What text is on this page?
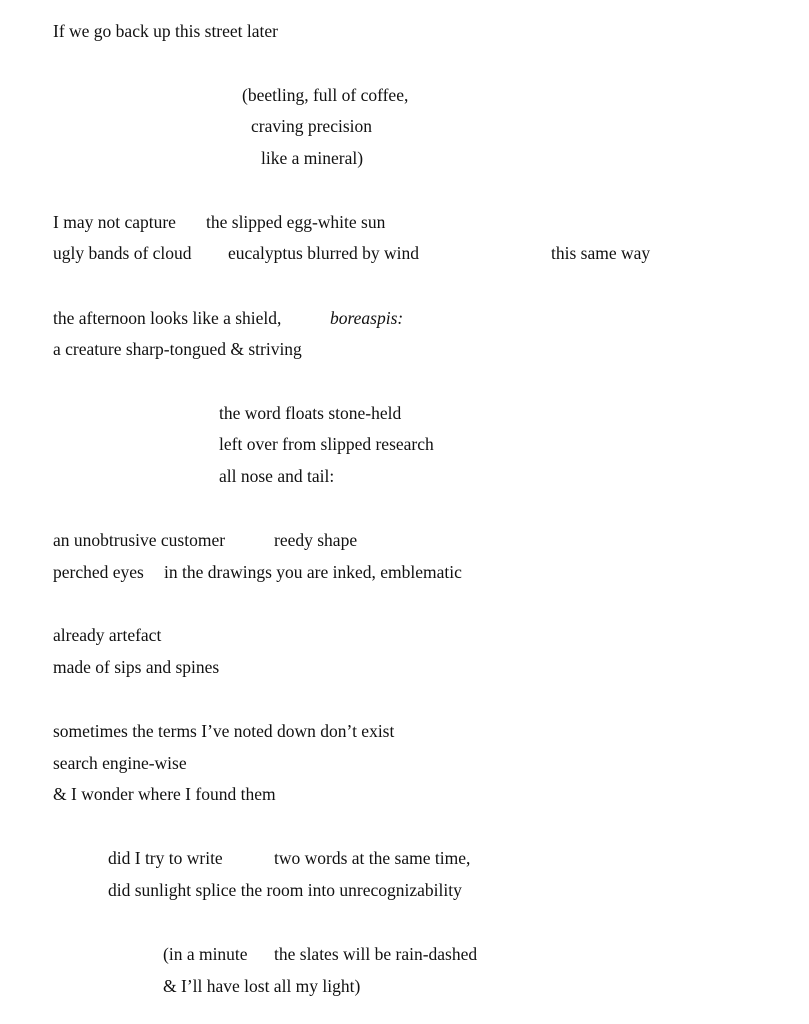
If we go back up this street later
(beetling, full of coffee,
craving precision
like a mineral)
I may not capture the slipped egg-white sun
ugly bands of cloud eucalyptus blurred by wind	this same way
the afternoon looks like a shield,	boreaspis:
a creature sharp-tongued & striving
the word floats stone-held
left over from slipped research
all nose and tail:
an unobtrusive customer	reedy shape
perched eyes in the drawings you are inked, emblematic
already artefact
made of sips and spines
sometimes the terms I’ve noted down don’t exist
search engine-wise
& I wonder where I found them
did I try to write	two words at the same time,
did sunlight splice the room into unrecognizability
(in a minute the slates will be rain-dashed
& I’ll have lost all my light)
